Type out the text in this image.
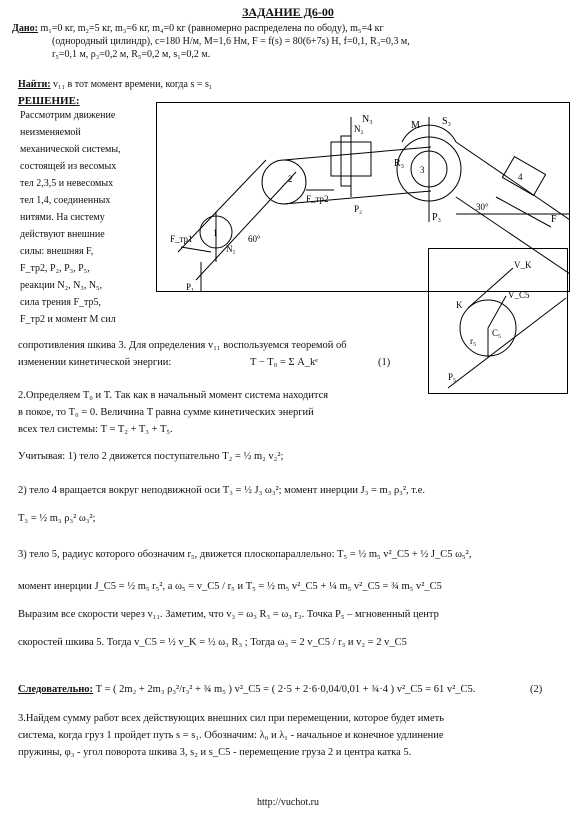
ЗАДАНИЕ Д6-00
Дано: m₁=0 кг, m₂=5 кг, m₃=6 кг, m₄=0 кг (равномерно распределена по ободу), m₅=4 кг
(однородный цилиндр), c=180 Н/м, M=1,6 Нм, F = f(s) = 80(6+7s) Н, f=0,1, R₃=0,3 м,
r₅=0,1 м, ρ₃=0,2 м, R₅=0,2 м, s₁=0,2 м.
Найти: v₁₁ в тот момент времени, когда s = s₁
РЕШЕНИЕ:
Рассмотрим движение
неизменяемой
механической системы,
состоящей из весомых
тел 2,3,5 и невесомых
тел 1,4, соединенных
нитями. На систему
действуют внешние
силы: внешняя F,
F_тр2, P₂, P₃, P₅,
реакции N₂, N₃, N₅,
сила трения F_тр5,
F_тр2 и момент M сил
1
2
3
4
N₃
M S₃
R₃
P₃
F_тр1
N₁
P₁
F
F_тр2
N₂
P₂
60°
30°
V_K
K
V_C5
C₅
r₅
P₅
сопротивления шкива 3. Для определения v₁₁ воспользуемся теоремой об
изменении кинетической энергии:	T − T₀ = Σ A_kᵉ	(1)
2.Определяем T₀ и T. Так как в начальный момент система находится
в покое, то T₀ = 0. Величина T равна сумме кинетических энергий
всех тел системы: T = T₂ + T₃ + T₅.
Учитывая: 1) тело 2 движется поступательно T₂ = ½ m₂ v₂²;
2) тело 4 вращается вокруг неподвижной оси T₃ = ½ J₃ ω₃²; момент инерции J₃ = m₃ ρ₃², т.е.
T₃ = ½ m₃ ρ₃² ω₃²;
3) тело 5, радиус которого обозначим r₅, движется плоскопараллельно: T₅ = ½ m₅ v²_C5 + ½ J_C5 ω₅²,
момент инерции J_C5 = ½ m₅ r₅², а ω₅ = v_C5 / r₅ и T₅ = ½ m₅ v²_C5 + ¼ m₅ v²_C5 = ¾ m₅ v²_C5
Выразим все скорости через v₁₁. Заметим, что v₃ = ω₃ R₃ = ω₃ r₃. Точка P₅ – мгновенный центр
скоростей шкива 5. Тогда v_C5 = ½ v_K = ½ ω₃ R₃ ; Тогда ω₃ = 2 v_C5 / r₃ и v₂ = 2 v_C5
Следовательно: T = ( 2m₂ + 2m₃ ρ₃²/r₃² + ¾ m₅ ) v²_C5 = ( 2·5 + 2·6·0,04/0,01 + ¾·4 ) v²_C5 = 61 v²_C5.	(2)
3.Найдем сумму работ всех действующих внешних сил при перемещении, которое будет иметь
система, когда груз 1 пройдет путь s = s₁. Обозначим: λ₀ и λ₁ - начальное и конечное удлинение
пружины, φ₃ - угол поворота шкива 3, s₂ и s_C5 - перемещение груза 2 и центра катка 5.
http://vuchot.ru
